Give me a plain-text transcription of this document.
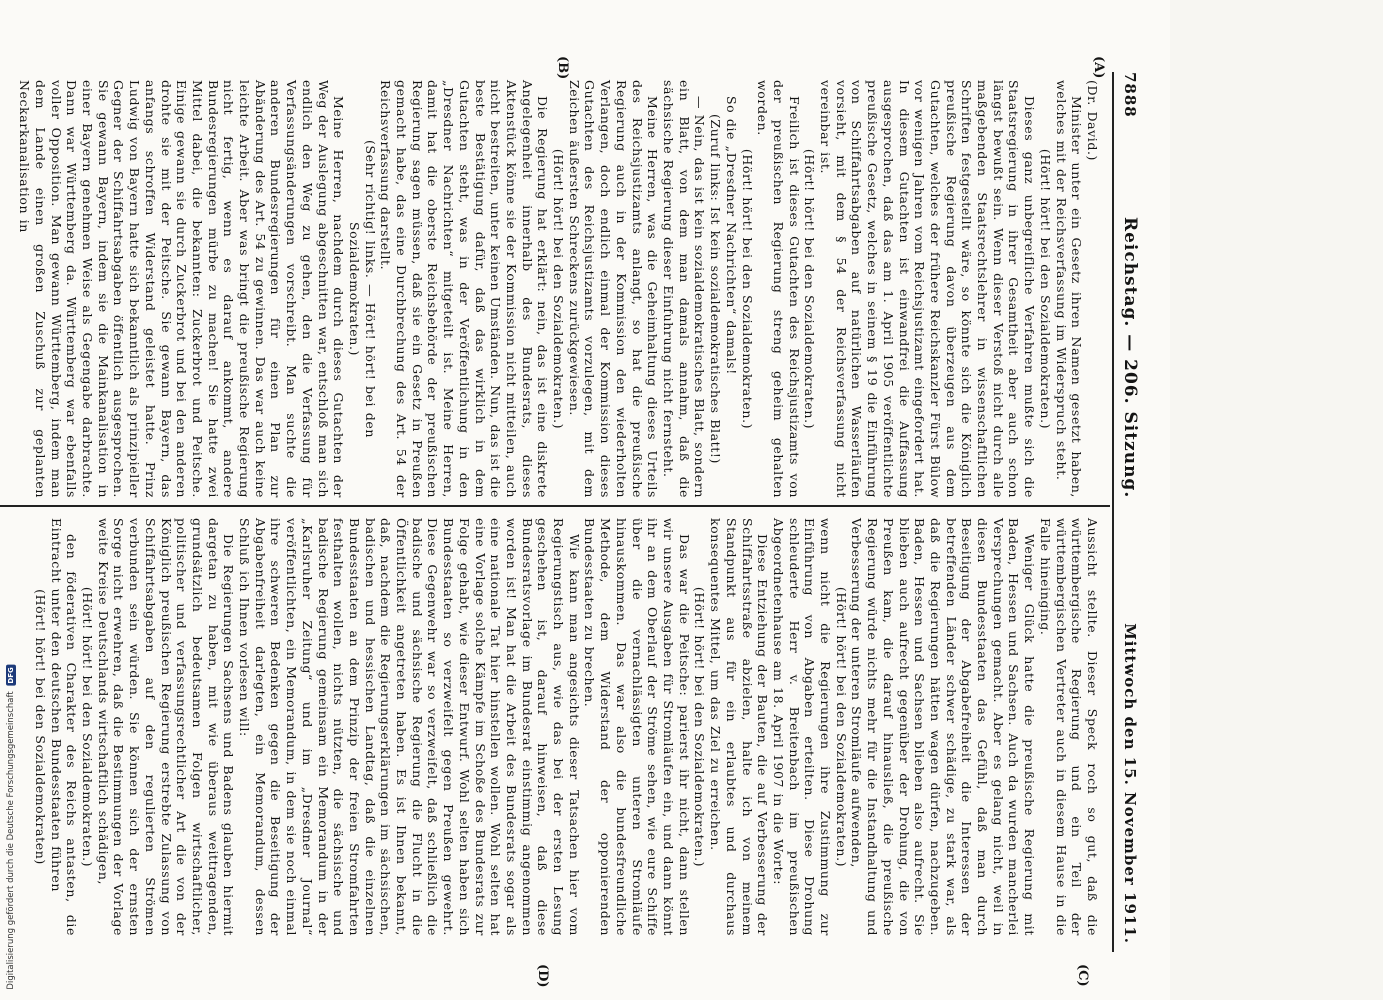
7888
Reichstag. — 206. Sitzung.
Mittwoch den 15. November 1911.
(A)
(B)
(C)
(D)

(Dr. David.)

Minister unter ein Gesetz ihren Namen gesetzt haben, welches mit der Reichsverfassung im Widerspruch steht.

(Hört! hört! bei den Sozialdemokraten.)

Dieses ganz unbegreifliche Verfahren mußte sich die Staatsregierung in ihrer Gesamtheit aber auch schon längst bewußt sein. Wenn dieser Verstoß nicht durch alle maßgebenden Staatsrechtslehrer in wissenschaftlichen Schriften festgestellt wäre, so könnte sich die Königlich preußische Regierung davon überzeugen aus dem Gutachten, welches der frühere Reichskanzler Fürst Bülow vor wenigen Jahren vom Reichsjustizamt eingefordert hat. In diesem Gutachten ist einwandfrei die Auffassung ausgesprochen, daß das am 1. April 1905 veröffentlichte preußische Gesetz, welches in seinem § 19 die Einführung von Schiffahrtsabgaben auf natürlichen Wasserläufen vorsieht, mit dem § 54 der Reichsverfassung nicht vereinbar ist.

(Hört! hört! bei den Sozialdemokraten.)

Freilich ist dieses Gutachten des Reichsjustizamts von der preußischen Regierung streng geheim gehalten worden.

(Hört! hört! bei den Sozialdemokraten.)

So die „Dresdner Nachrichten“ damals!

(Zuruf links: Ist kein sozialdemokratisches Blatt!)

— Nein, das ist kein sozialdemokratisches Blatt, sondern ein Blatt, von dem man damals annahm, daß die sächsische Regierung dieser Einfuhrung nicht fernsteht.

Meine Herren, was die Geheimhaltung dieses Urteils des Reichsjustizamts anlangt, so hat die preußische Regierung auch in der Kommission den wiederholten Verlangen, doch endlich einmal der Kommission dieses Gutachten des Reichsjustizamts vorzulegen, mit dem Zeichen äußersten Schreckens zurückgewiesen.

(Hört! hört! bei den Sozialdemokraten.)

Die Regierung hat erklärt: nein, das ist eine diskrete Angelegenheit innerhalb des Bundesrats, dieses Aktenstück könne sie der Kommission nicht mitteilen, auch nicht bestreiten, unter keinen Umständen. Nun, das ist die beste Bestätigung dafür, daß das wirklich in dem Gutachten steht, was in der Veröffentlichung in den „Dresdner Nachrichten“ mitgeteilt ist. Meine Herren, damit hat die oberste Reichsbehörde der preußischen Regierung sagen müssen, daß sie ein Gesetz in Preußen gemacht habe, das eine Durchbrechung des Art. 54 der Reichsverfassung darstellt.

(Sehr richtig! links. — Hört! hört! bei den Sozialdemokraten.)

Meine Herren, nachdem durch dieses Gutachten der Weg der Auslegung abgeschnitten war, entschloß man sich endlich den Weg zu gehen, den die Verfassung für Verfassungsänderungen vorschreibt. Man suchte die anderen Bundesregierungen für einen Plan zur Abänderung des Art. 54 zu gewinnen. Das war auch keine leichte Arbeit. Aber was bringt die preußische Regierung nicht fertig, wenn es darauf ankommt, andere Bundesregierungen mürbe zu machen! Sie hatte zwei Mittel dabei, die bekannten: Zuckerbrot und Peitsche. Einige gewann sie durch Zuckerbrot und bei den anderen drohte sie mit der Peitsche. Sie gewann Bayern, das anfangs schroffen Widerstand geleistet hatte. Prinz Ludwig von Bayern hatte sich bekanntlich als prinzipieller Gegner der Schiffahrtsabgaben öffentlich ausgesprochen. Sie gewann Bayern, indem sie die Mainkanalisation in einer Bayern genehmen Weise als Gegengabe darbrachte. Dann war Württemberg da. Württemberg war ebenfalls voller Opposition. Man gewann Württemberg, indem man dem Lande einen großen Zuschuß zur geplanten Neckarkanalisation in

Aussicht stellte. Dieser Speck roch so gut, daß die württembergische Regierung und ein Teil der württembergischen Vertreter auch in diesem Hause in die Falle hineinging.

Weniger Glück hatte die preußische Regierung mit Baden, Hessen und Sachsen. Auch da wurden mancherlei Versprechungen gemacht. Aber es gelang nicht, weil in diesen Bundesstaaten das Gefühl, daß man durch Beseitigung der Abgabefreiheit die Interessen der betreffenden Länder schwer schädige, zu stark war, als daß die Regierungen hätten wagen dürfen, nachzugeben. Baden, Hessen und Sachsen blieben also aufrecht. Sie blieben auch aufrecht gegenüber der Drohung, die von Preußen kam, die darauf hinausließ, die preußische Regierung würde nichts mehr für die Instandhaltung und Verbesserung der unteren Stromläufe aufwenden,

(Hört! hört! bei den Sozialdemokraten.)

wenn nicht die Regierungen ihre Zustimmung zur Einführung von Abgaben erteilten. Diese Drohung schleuderte Herr v. Breitenbach im preußischen Abgeordnetenhause am 18. April 1907 in die Worte:

Diese Entziehung der Bauten, die auf Verbesserung der Schiffahrtsstraße abzielen, halte ich von meinem Standpunkt aus für ein erlaubtes und durchaus konsequentes Mittel, um das Ziel zu erreichen.

(Hört! hört! bei den Sozialdemokraten.)

Das war die Peitsche: parierst ihr nicht, dann stellen wir unsere Ausgaben für Stromläufen ein, und dann könnt ihr an dem Oberlauf der Ströme sehen, wie eure Schiffe über die vernachlässigten unteren Stromläufe hinauskommen. Das war also die bundesfreundliche Methode, dem Widerstand der opponierenden Bundesstaaten zu brechen.

Wie kann man angesichts dieser Tatsachen hier vom Regierungstisch aus, wie das bei der ersten Lesung geschehen ist, darauf hinweisen, daß diese Bundesratsvorlage im Bundesrat einstimmig angenommen worden ist! Man hat die Arbeit des Bundesrats sogar als eine nationale Tat hier hinstellen wollen. Wohl selten hat eine Vorlage solche Kämpfe im Schoße des Bundesrats zur Folge gehabt, wie dieser Entwurf. Wohl selten haben sich Bundesstaaten so verzweifelt gegen Preußen gewehrt. Diese Gegenwehr war so verzweifelt, daß schließlich die badische und sächsische Regierung die Flucht in die Öffentlichkeit angetreten haben. Es ist Ihnen bekannt, daß, nachdem die Regierungserklärungen im sächsischen, badischen und hessischen Landtag, daß die einzelnen Bundesstaaten an dem Prinzip der freien Stromfahrten festhalten wollen, nichts nützten, die sächsische und badische Regierung gemeinsam ein Memorandum in der „Karlsruher Zeitung“ und im „Dresdner Journal“ veröffentlichten, ein Memorandum, in dem sie noch einmal ihre schweren Bedenken gegen die Beseitigung der Abgabenfreiheit darlegten, ein Memorandum, dessen Schluß ich Ihnen vorlesen will:

Die Regierungen Sachsens und Badens glauben hiermit dargetan zu haben, mit wie überaus weittragenden, grundsätzlich bedeutsamen Folgen wirtschaftlicher, politischer und verfassungsrechtlicher Art die von der Königlich preußischen Regierung erstrebte Zulassung von Schiffahrtsabgaben auf den regulierten Strömen verbunden sein würden. Sie können sich der ernsten Sorge nicht erwehren, daß die Bestimmungen der Vorlage weite Kreise Deutschlands wirtschaftlich schädigen,

(Hört! hört! bei den Sozialdemokraten.)

den föderativen Charakter des Reichs antasten, die Eintracht unter den deutschen Bundesstaaten führen

(Hört! hört! bei den Sozialdemokraten)

Digitalisierung gefördert durch die Deutsche Forschungsgemeinschaft
DFG
